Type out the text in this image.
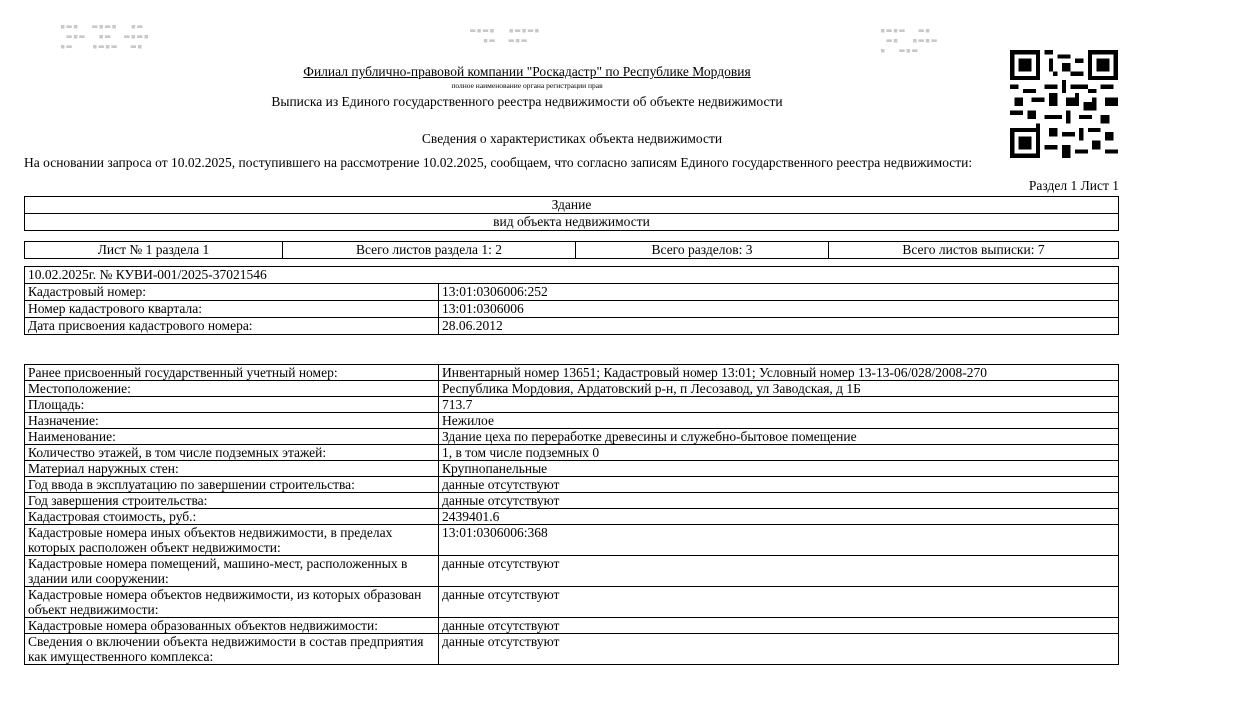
▪▬▪  ▬▪▬▪  ▪▬
▬▪▬  ▪▬  ▬▪▬▪
▪▬   ▪▬▪▬  ▬▪
▬▪▬▪  ▪▬▪▬▪
▪▬  ▬▪▬
▪▬▪▬  ▬▪
▬▪  ▪▬▪▬
▪  ▬▪▬
Филиал публично-правовой компании "Роскадастр" по Республике Мордовия
полное наименование органа регистрации прав
Выписка из Единого государственного реестра недвижимости об объекте недвижимости
Сведения о характеристиках объекта недвижимости
На основании запроса от 10.02.2025, поступившего на рассмотрение 10.02.2025, сообщаем, что согласно записям Единого государственного реестра недвижимости:
Раздел 1 Лист 1
Здание
вид объекта недвижимости
Лист № 1 раздела 1	Всего листов раздела 1: 2	Всего разделов: 3	Всего листов выписки: 7
10.02.2025г. № КУВИ-001/2025-37021546	
Кадастровый номер:	13:01:0306006:252
Номер кадастрового квартала:	13:01:0306006
Дата присвоения кадастрового номера:	28.06.2012
Ранее присвоенный государственный учетный номер:	Инвентарный номер 13651; Кадастровый номер 13:01; Условный номер 13-13-06/028/2008-270
Местоположение:	Республика Мордовия, Ардатовский р-н, п Лесозавод, ул Заводская, д 1Б
Площадь:	713.7
Назначение:	Нежилое
Наименование:	Здание цеха по переработке древесины и служебно-бытовое помещение
Количество этажей, в том числе подземных этажей:	1, в том числе подземных 0
Материал наружных стен:	Крупнопанельные
Год ввода в эксплуатацию по завершении строительства:	данные отсутствуют
Год завершения строительства:	данные отсутствуют
Кадастровая стоимость, руб.:	2439401.6
Кадастровые номера иных объектов недвижимости, в пределах которых расположен объект недвижимости:	13:01:0306006:368
Кадастровые номера помещений, машино-мест, расположенных в здании или сооружении:	данные отсутствуют
Кадастровые номера объектов недвижимости, из которых образован объект недвижимости:	данные отсутствуют
Кадастровые номера образованных объектов недвижимости:	данные отсутствуют
Сведения о включении объекта недвижимости в состав предприятия как имущественного комплекса:	данные отсутствуют
